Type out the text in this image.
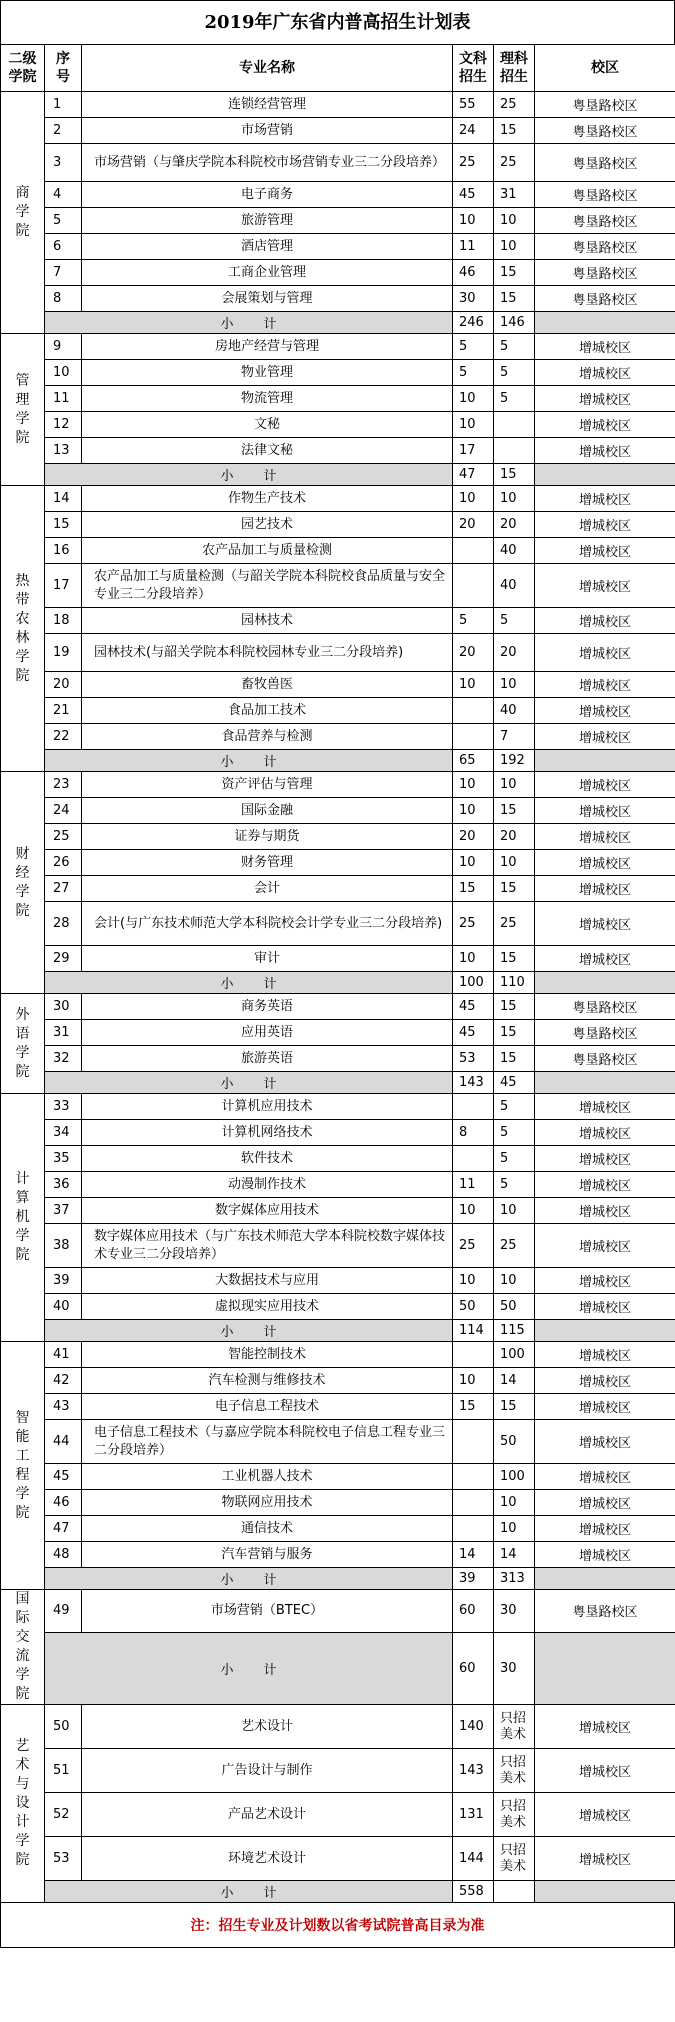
2019年广东省内普高招生计划表
二级学院	序号	专业名称	文科招生	理科招生	校区
商学院	1	连锁经营管理	55	25	粤垦路校区
	2	市场营销	24	15	粤垦路校区
	3	市场营销（与肇庆学院本科院校市场营销专业三二分段培养）	25	25	粤垦路校区
	4	电子商务	45	31	粤垦路校区
	5	旅游管理	10	10	粤垦路校区
	6	酒店管理	11	10	粤垦路校区
	7	工商企业管理	46	15	粤垦路校区
	8	会展策划与管理	30	15	粤垦路校区
	小计		246	146	
管理学院	9	房地产经营与管理	5	5	增城校区
	10	物业管理	5	5	增城校区
	11	物流管理	10	5	增城校区
	12	文秘	10		增城校区
	13	法律文秘	17		增城校区
	小计		47	15	
热带农林学院	14	作物生产技术	10	10	增城校区
	15	园艺技术	20	20	增城校区
	16	农产品加工与质量检测		40	增城校区
	17	农产品加工与质量检测（与韶关学院本科院校食品质量与安全专业三二分段培养）		40	增城校区
	18	园林技术	5	5	增城校区
	19	园林技术(与韶关学院本科院校园林专业三二分段培养)	20	20	增城校区
	20	畜牧兽医	10	10	增城校区
	21	食品加工技术		40	增城校区
	22	食品营养与检测		7	增城校区
	小计		65	192	
财经学院	23	资产评估与管理	10	10	增城校区
	24	国际金融	10	15	增城校区
	25	证券与期货	20	20	增城校区
	26	财务管理	10	10	增城校区
	27	会计	15	15	增城校区
	28	会计(与广东技术师范大学本科院校会计学专业三二分段培养)	25	25	增城校区
	29	审计	10	15	增城校区
	小计		100	110	
外语学院	30	商务英语	45	15	粤垦路校区
	31	应用英语	45	15	粤垦路校区
	32	旅游英语	53	15	粤垦路校区
	小计		143	45	
计算机学院	33	计算机应用技术		5	增城校区
	34	计算机网络技术	8	5	增城校区
	35	软件技术		5	增城校区
	36	动漫制作技术	11	5	增城校区
	37	数字媒体应用技术	10	10	增城校区
	38	数字媒体应用技术（与广东技术师范大学本科院校数字媒体技术专业三二分段培养）	25	25	增城校区
	39	大数据技术与应用	10	10	增城校区
	40	虚拟现实应用技术	50	50	增城校区
	小计		114	115	
智能工程学院	41	智能控制技术		100	增城校区
	42	汽车检测与维修技术	10	14	增城校区
	43	电子信息工程技术	15	15	增城校区
	44	电子信息工程技术（与嘉应学院本科院校电子信息工程专业三二分段培养）		50	增城校区
	45	工业机器人技术		100	增城校区
	46	物联网应用技术		10	增城校区
	47	通信技术		10	增城校区
	48	汽车营销与服务	14	14	增城校区
	小计		39	313	
国际交流学院	49	市场营销（BTEC）	60	30	粤垦路校区
	小计		60	30	
艺术与设计学院	50	艺术设计	140	只招美术	增城校区
	51	广告设计与制作	143	只招美术	增城校区
	52	产品艺术设计	131	只招美术	增城校区
	53	环境艺术设计	144	只招美术	增城校区
	小计		558		
注：招生专业及计划数以省考试院普高目录为准
